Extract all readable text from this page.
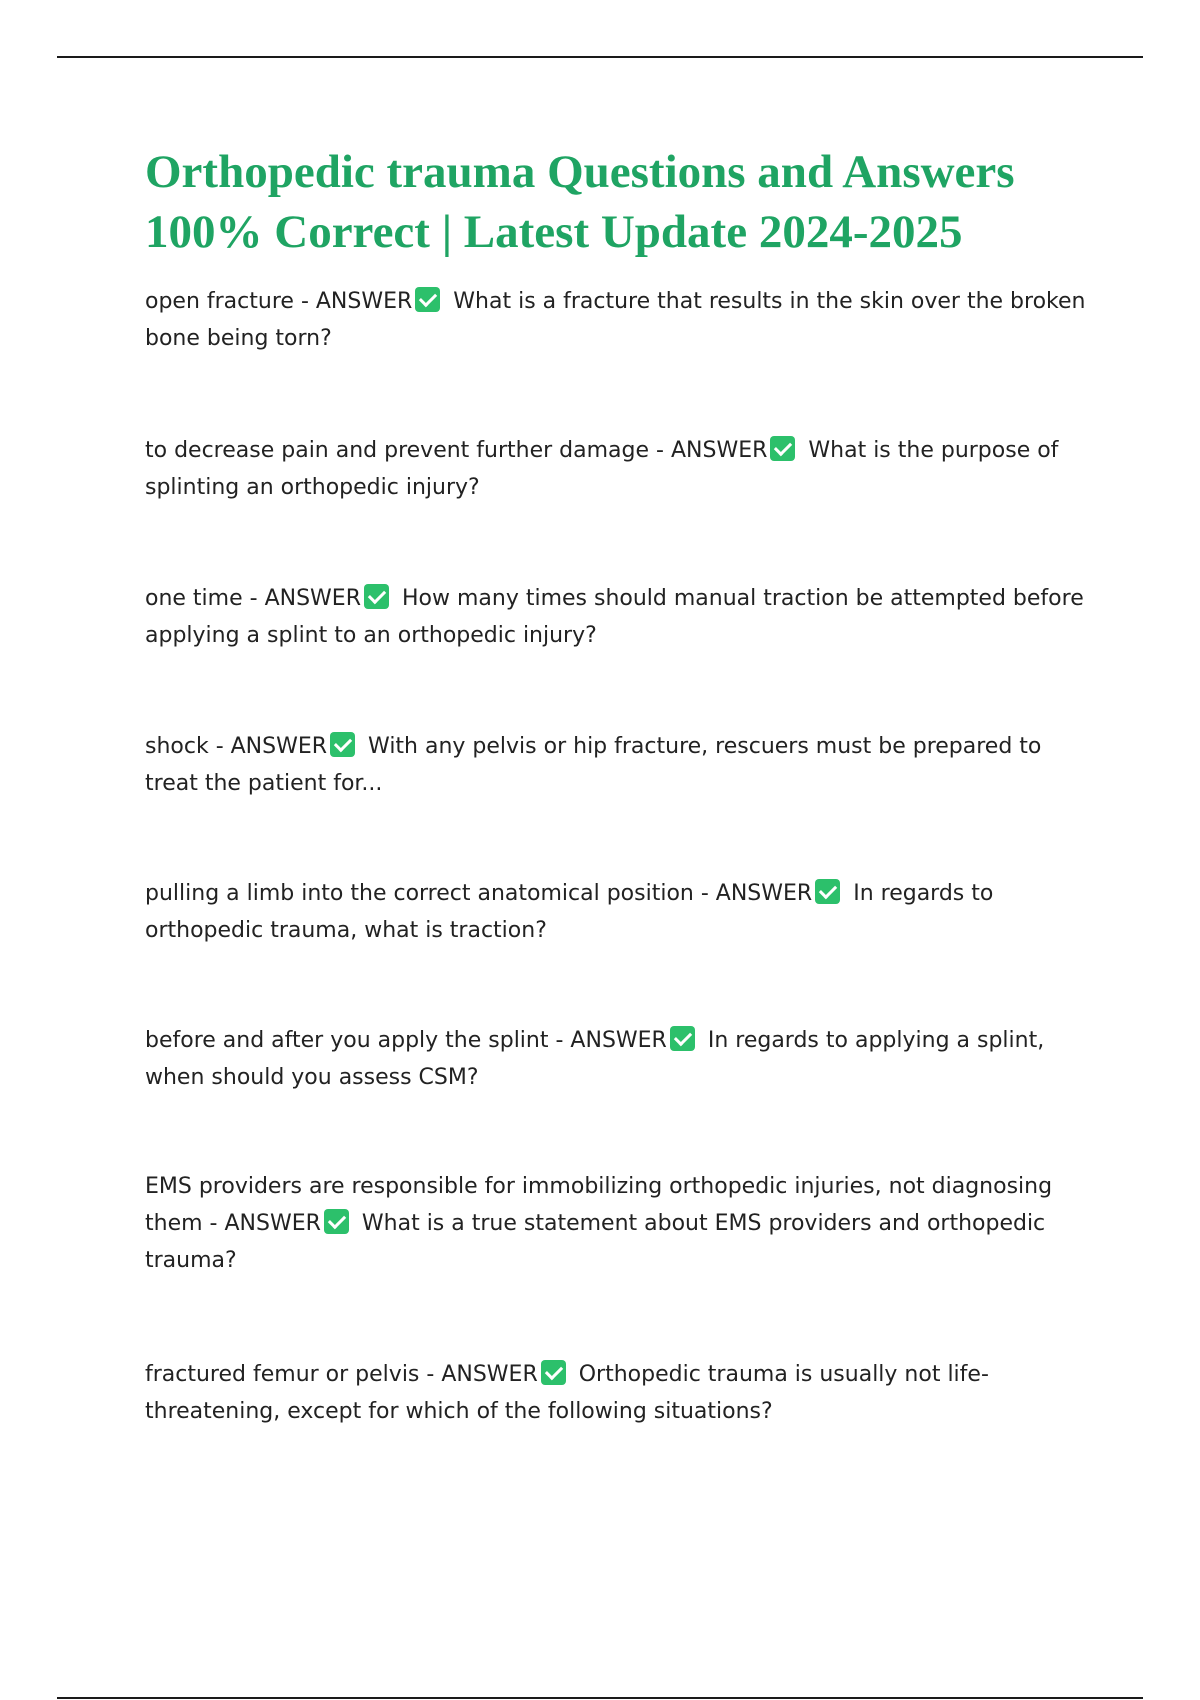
Orthopedic trauma Questions and Answers 100% Correct | Latest Update 2024-2025

open fracture - ANSWER What is a fracture that results in the skin over the broken bone being torn?

to decrease pain and prevent further damage - ANSWER What is the purpose of splinting an orthopedic injury?

one time - ANSWER How many times should manual traction be attempted before applying a splint to an orthopedic injury?

shock - ANSWER With any pelvis or hip fracture, rescuers must be prepared to treat the patient for...

pulling a limb into the correct anatomical position - ANSWER In regards to orthopedic trauma, what is traction?

before and after you apply the splint - ANSWER In regards to applying a splint, when should you assess CSM?

EMS providers are responsible for immobilizing orthopedic injuries, not diagnosing them - ANSWER What is a true statement about EMS providers and orthopedic trauma?

fractured femur or pelvis - ANSWER Orthopedic trauma is usually not life-threatening, except for which of the following situations?
